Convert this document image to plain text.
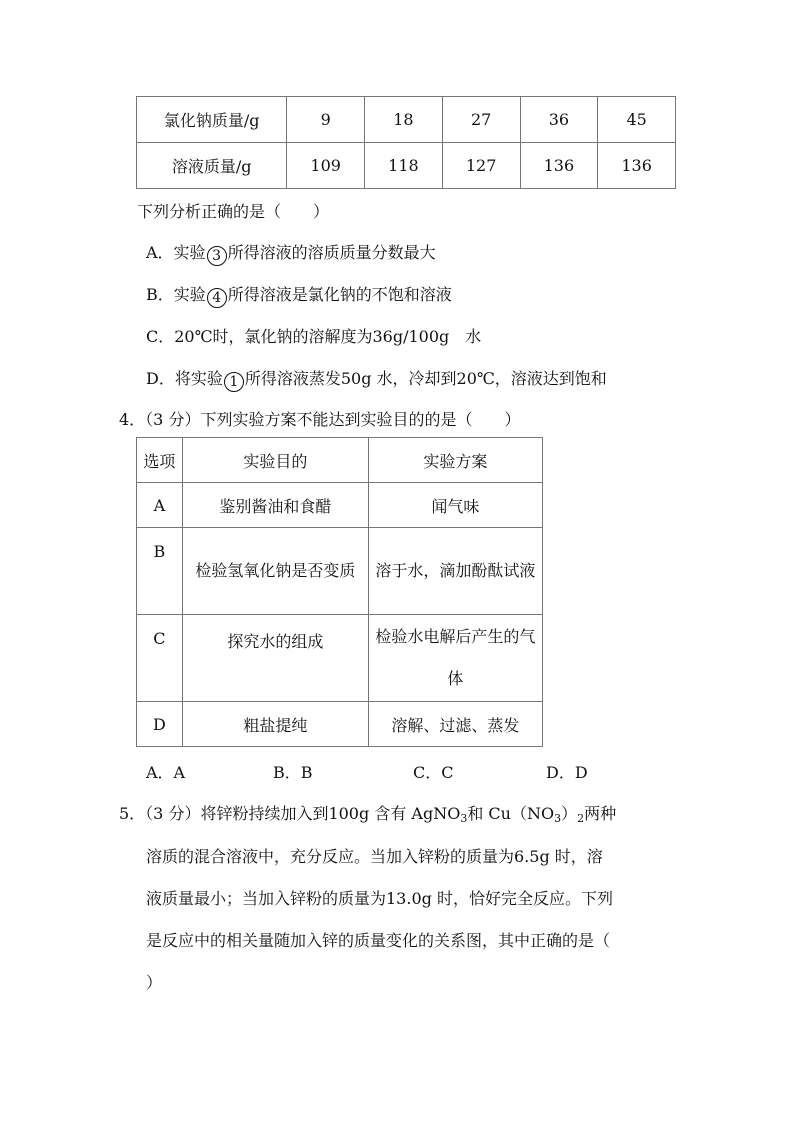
氯化钠质量/g	9	18	27	36	45
溶液质量/g	109	118	127	136	136
下列分析正确的是（　　）
A．实验 3 所得溶液的溶质质量分数最大
B．实验 4 所得溶液是氯化钠的不饱和溶液
C．20℃时，氯化钠的溶解度为36g/100g　水
D．将实验 1 所得溶液蒸发50g 水，冷却到20℃，溶液达到饱和
4．（3 分）下列实验方案不能达到实验目的的是（　　）
选项	实验目的	实验方案
A	鉴别酱油和食醋	闻气味
B	检验氢氧化钠是否变质	溶于水，滴加酚酞试液
C	探究水的组成	检验水电解后产生的气体
D	粗盐提纯	溶解、过滤、蒸发
A．A	B．B	C．C	D．D
5．（3 分）将锌粉持续加入到100g 含有 AgNO$_3$和 $Cu(NO_3)_2$两种
溶质的混合溶液中，充分反应。当加入锌粉的质量为6.5g 时，溶
液质量最小；当加入锌粉的质量为13.0g 时，恰好完全反应。下列
是反应中的相关量随加入锌的质量变化的关系图，其中正确的是（
）
